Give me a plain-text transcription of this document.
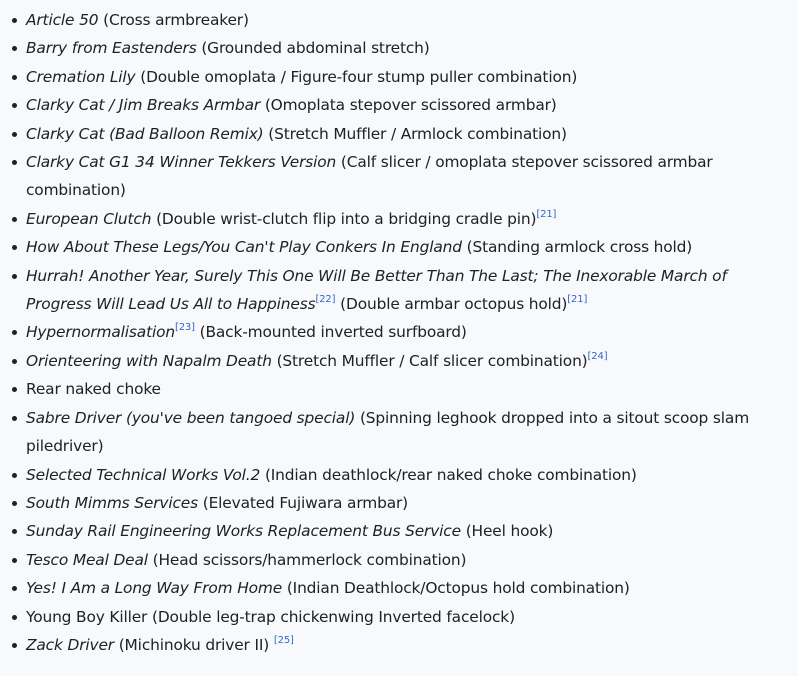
Article 50 (Cross armbreaker)
Barry from Eastenders (Grounded abdominal stretch)
Cremation Lily (Double omoplata / Figure-four stump puller combination)
Clarky Cat / Jim Breaks Armbar (Omoplata stepover scissored armbar)
Clarky Cat (Bad Balloon Remix) (Stretch Muffler / Armlock combination)
Clarky Cat G1 34 Winner Tekkers Version (Calf slicer / omoplata stepover scissored armbar combination)
European Clutch (Double wrist-clutch flip into a bridging cradle pin)[21]
How About These Legs/You Can't Play Conkers In England (Standing armlock cross hold)
Hurrah! Another Year, Surely This One Will Be Better Than The Last; The Inexorable March of Progress Will Lead Us All to Happiness[22] (Double armbar octopus hold)[21]
Hypernormalisation[23] (Back-mounted inverted surfboard)
Orienteering with Napalm Death (Stretch Muffler / Calf slicer combination)[24]
Rear naked choke
Sabre Driver (you've been tangoed special) (Spinning leghook dropped into a sitout scoop slam piledriver)
Selected Technical Works Vol.2 (Indian deathlock/rear naked choke combination)
South Mimms Services (Elevated Fujiwara armbar)
Sunday Rail Engineering Works Replacement Bus Service (Heel hook)
Tesco Meal Deal (Head scissors/hammerlock combination)
Yes! I Am a Long Way From Home (Indian Deathlock/Octopus hold combination)
Young Boy Killer (Double leg-trap chickenwing Inverted facelock)
Zack Driver (Michinoku driver II) [25]
